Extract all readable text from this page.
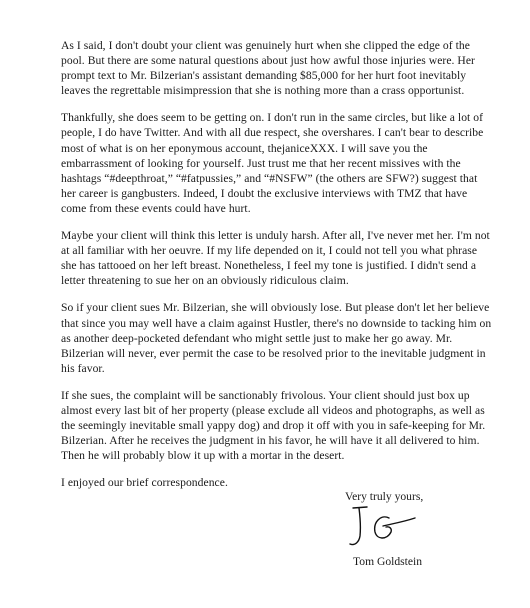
As I said, I don't doubt your client was genuinely hurt when she clipped the edge of the pool. But there are some natural questions about just how awful those injuries were. Her prompt text to Mr. Bilzerian's assistant demanding $85,000 for her hurt foot inevitably leaves the regrettable misimpression that she is nothing more than a crass opportunist.

Thankfully, she does seem to be getting on. I don't run in the same circles, but like a lot of people, I do have Twitter. And with all due respect, she overshares. I can't bear to describe most of what is on her eponymous account, thejaniceXXX. I will save you the embarrassment of looking for yourself. Just trust me that her recent missives with the hashtags “#deepthroat,” “#fatpussies,” and “#NSFW” (the others are SFW?) suggest that her career is gangbusters. Indeed, I doubt the exclusive interviews with TMZ that have come from these events could have hurt.

Maybe your client will think this letter is unduly harsh. After all, I've never met her. I'm not at all familiar with her oeuvre. If my life depended on it, I could not tell you what phrase she has tattooed on her left breast. Nonetheless, I feel my tone is justified. I didn't send a letter threatening to sue her on an obviously ridiculous claim.

So if your client sues Mr. Bilzerian, she will obviously lose. But please don't let her believe that since you may well have a claim against Hustler, there's no downside to tacking him on as another deep-pocketed defendant who might settle just to make her go away. Mr. Bilzerian will never, ever permit the case to be resolved prior to the inevitable judgment in his favor.

If she sues, the complaint will be sanctionably frivolous. Your client should just box up almost every last bit of her property (please exclude all videos and photographs, as well as the seemingly inevitable small yappy dog) and drop it off with you in safe-keeping for Mr. Bilzerian. After he receives the judgment in his favor, he will have it all delivered to him. Then he will probably blow it up with a mortar in the desert.

I enjoyed our brief correspondence.

Very truly yours,
Tom Goldstein
